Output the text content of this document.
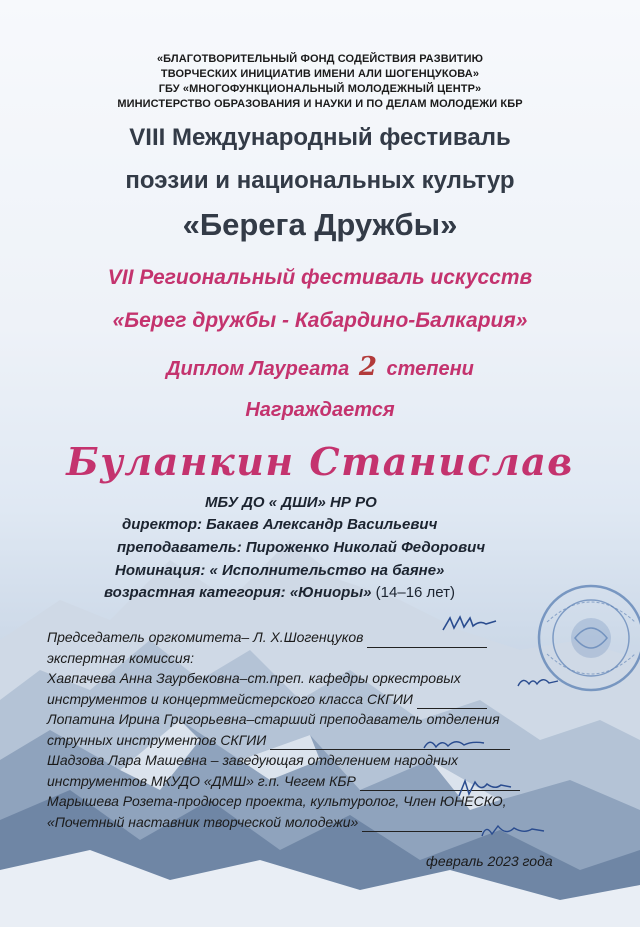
«БЛАГОТВОРИТЕЛЬНЫЙ ФОНД СОДЕЙСТВИЯ РАЗВИТИЮ
ТВОРЧЕСКИХ ИНИЦИАТИВ ИМЕНИ АЛИ ШОГЕНЦУКОВА»
ГБУ «МНОГОФУНКЦИОНАЛЬНЫЙ МОЛОДЕЖНЫЙ ЦЕНТР»
МИНИСТЕРСТВО ОБРАЗОВАНИЯ И НАУКИ И ПО ДЕЛАМ МОЛОДЕЖИ КБР
VIII Международный фестиваль
поэзии и национальных культур
«Берега Дружбы»
VII Региональный фестиваль искусств
«Берег дружбы - Кабардино-Балкария»
Диплом Лауреата 2 степени
Награждается
Буланкин Станислав
МБУ ДО « ДШИ» НР РО
директор: Бакаев Александр Васильевич
преподаватель: Пироженко Николай Федорович
Номинация: « Исполнительство на баяне»
возрастная категория: «Юниоры» (14–16 лет)
Председатель оргкомитета– Л. Х.Шогенцуков
экспертная комиссия:
Хавпачева Анна Заурбековна–ст.преп. кафедры оркестровых
инструментов и концертмейстерского класса СКГИИ
Лопатина Ирина Григорьевна–старший преподаватель отделения
струнных инструментов СКГИИ
Шадзова Лара Машевна – заведующая отделением народных
инструментов МКУДО «ДМШ» г.п. Чегем КБР
Марышева Розета-продюсер проекта, культуролог, Член ЮНЕСКО,
«Почетный наставник творческой молодежи»
февраль 2023 года
